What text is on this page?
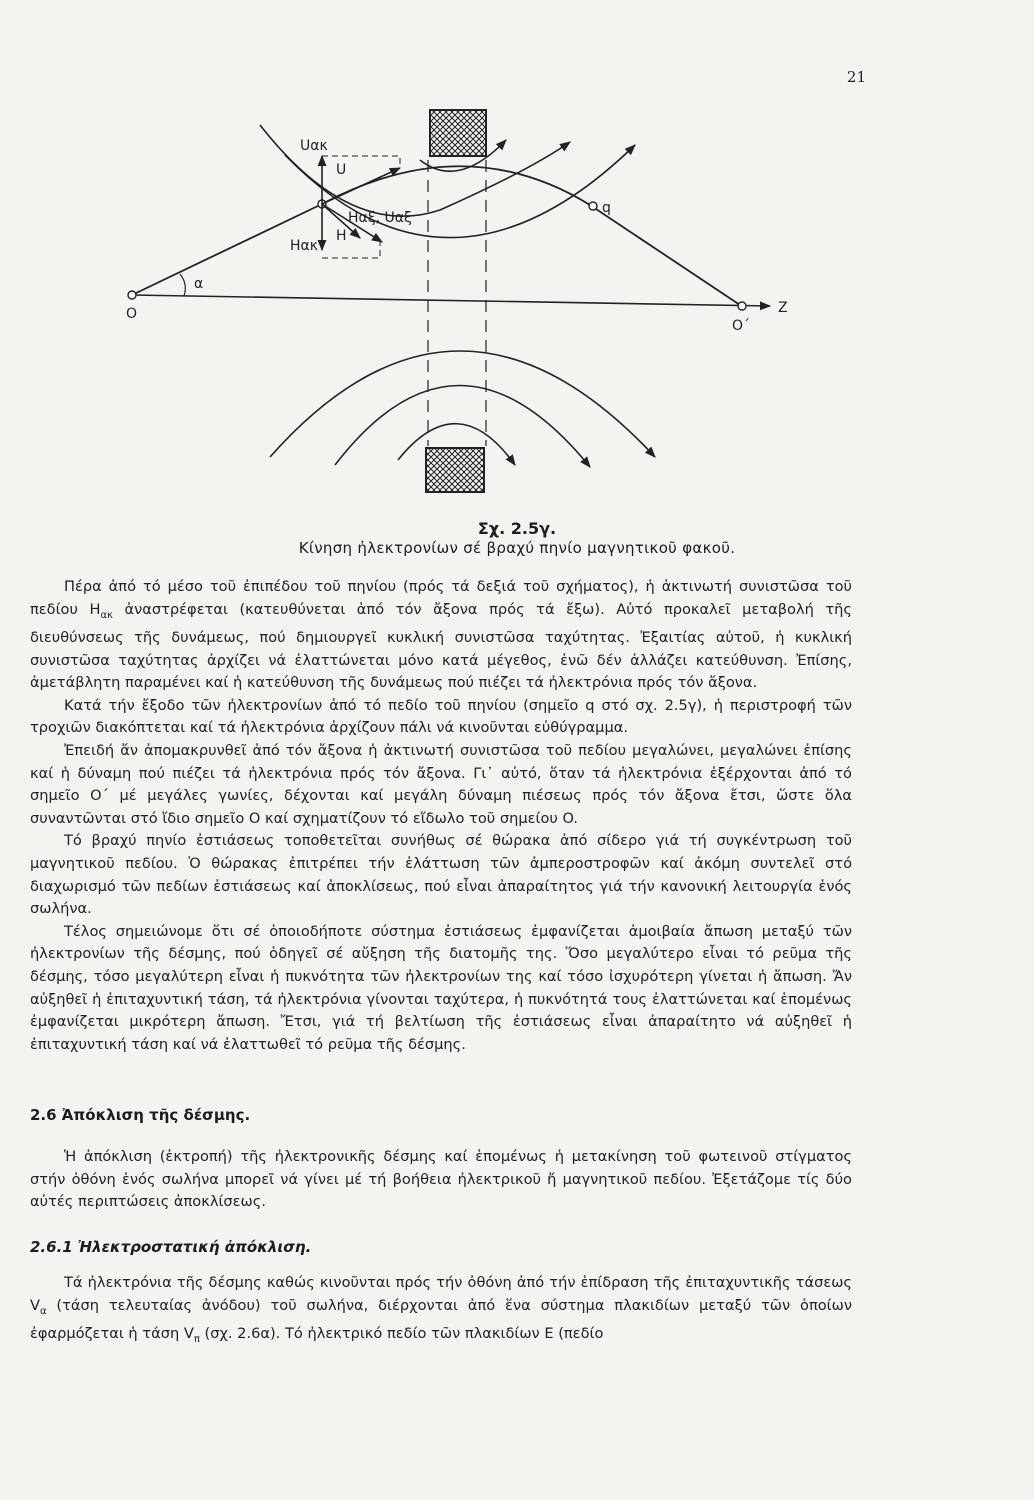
21
Uακ
U
Hαξ, Uαξ
H
Hακ
α
O
O΄
Z
q
Σχ. 2.5γ.
Κίνηση ἠλεκτρονίων σέ βραχύ πηνίο μαγνητικοῦ φακοῦ.

Πέρα ἀπό τό μέσο τοῦ ἐπιπέδου τοῦ πηνίου (πρός τά δεξιά τοῦ σχήματος), ἡ ἀκτινωτή συνιστῶσα τοῦ πεδίου $H_{\alpha\kappa}$ ἀναστρέφεται (κατευθύνεται ἀπό τόν ἄξονα πρός τά ἔξω). Αὐτό προκαλεῖ μεταβολή τῆς διευθύνσεως τῆς δυνάμεως, πού δημιουργεῖ κυκλική συνιστῶσα ταχύτητας. Ἐξαιτίας αὐτοῦ, ἡ κυκλική συνιστῶσα ταχύτητας ἀρχίζει νά ἐλαττώνεται μόνο κατά μέγεθος, ἐνῶ δέν ἀλλάζει κατεύθυνση. Ἐπίσης, ἀμετάβλητη παραμένει καί ἡ κατεύθυνση τῆς δυνάμεως πού πιέζει τά ἠλεκτρόνια πρός τόν ἄξονα.

Κατά τήν ἔξοδο τῶν ἠλεκτρονίων ἀπό τό πεδίο τοῦ πηνίου (σημεῖο q στό σχ. 2.5γ), ἡ περιστροφή τῶν τροχιῶν διακόπτεται καί τά ἠλεκτρόνια ἀρχίζουν πάλι νά κινοῦνται εὐθύγραμμα.

Ἐπειδή ἄν ἀπομακρυνθεῖ ἀπό τόν ἄξονα ἡ ἀκτινωτή συνιστῶσα τοῦ πεδίου μεγαλώνει, μεγαλώνει ἐπίσης καί ἡ δύναμη πού πιέζει τά ἠλεκτρόνια πρός τόν ἄξονα. Γι᾽ αὐτό, ὅταν τά ἠλεκτρόνια ἐξέρχονται ἀπό τό σημεῖο O΄ μέ μεγάλες γωνίες, δέχονται καί μεγάλη δύναμη πιέσεως πρός τόν ἄξονα ἔτσι, ὥστε ὅλα συναντῶνται στό ἴδιο σημεῖο O καί σχηματίζουν τό εἴδωλο τοῦ σημείου O.

Τό βραχύ πηνίο ἐστιάσεως τοποθετεῖται συνήθως σέ θώρακα ἀπό σίδερο γιά τή συγκέντρωση τοῦ μαγνητικοῦ πεδίου. Ὁ θώρακας ἐπιτρέπει τήν ἐλάττωση τῶν ἀμπεροστροφῶν καί ἀκόμη συντελεῖ στό διαχωρισμό τῶν πεδίων ἐστιάσεως καί ἀποκλίσεως, πού εἶναι ἀπαραίτητος γιά τήν κανονική λειτουργία ἑνός σωλήνα.

Τέλος σημειώνομε ὅτι σέ ὁποιοδήποτε σύστημα ἐστιάσεως ἐμφανίζεται ἀμοιβαία ἄπωση μεταξύ τῶν ἠλεκτρονίων τῆς δέσμης, πού ὁδηγεῖ σέ αὔξηση τῆς διατομῆς της. Ὅσο μεγαλύτερο εἶναι τό ρεῦμα τῆς δέσμης, τόσο μεγαλύτερη εἶναι ἡ πυκνότητα τῶν ἠλεκτρονίων της καί τόσο ἰσχυρότερη γίνεται ἡ ἄπωση. Ἄν αὐξηθεῖ ἡ ἐπιταχυντική τάση, τά ἠλεκτρόνια γίνονται ταχύτερα, ἡ πυκνότητά τους ἐλαττώνεται καί ἑπομένως ἐμφανίζεται μικρότερη ἄπωση. Ἔτσι, γιά τή βελτίωση τῆς ἐστιάσεως εἶναι ἀπαραίτητο νά αὐξηθεῖ ἡ ἐπιταχυντική τάση καί νά ἐλαττωθεῖ τό ρεῦμα τῆς δέσμης.

2.6 Ἀπόκλιση τῆς δέσμης.

Ἡ ἀπόκλιση (ἐκτροπή) τῆς ἠλεκτρονικῆς δέσμης καί ἑπομένως ἡ μετακίνηση τοῦ φωτεινοῦ στίγματος στήν ὀθόνη ἑνός σωλήνα μπορεῖ νά γίνει μέ τή βοήθεια ἠλεκτρικοῦ ἤ μαγνητικοῦ πεδίου. Ἐξετάζομε τίς δύο αὐτές περιπτώσεις ἀποκλίσεως.

2.6.1 Ἠλεκτροστατική ἀπόκλιση.

Τά ἠλεκτρόνια τῆς δέσμης καθώς κινοῦνται πρός τήν ὀθόνη ἀπό τήν ἐπίδραση τῆς ἐπιταχυντικῆς τάσεως $V_\alpha$ (τάση τελευταίας ἀνόδου) τοῦ σωλήνα, διέρχονται ἀπό ἕνα σύστημα πλακιδίων μεταξύ τῶν ὁποίων ἐφαρμόζεται ἡ τάση $V_\pi$ (σχ. 2.6α). Τό ἠλεκτρικό πεδίο τῶν πλακιδίων E (πεδίο
